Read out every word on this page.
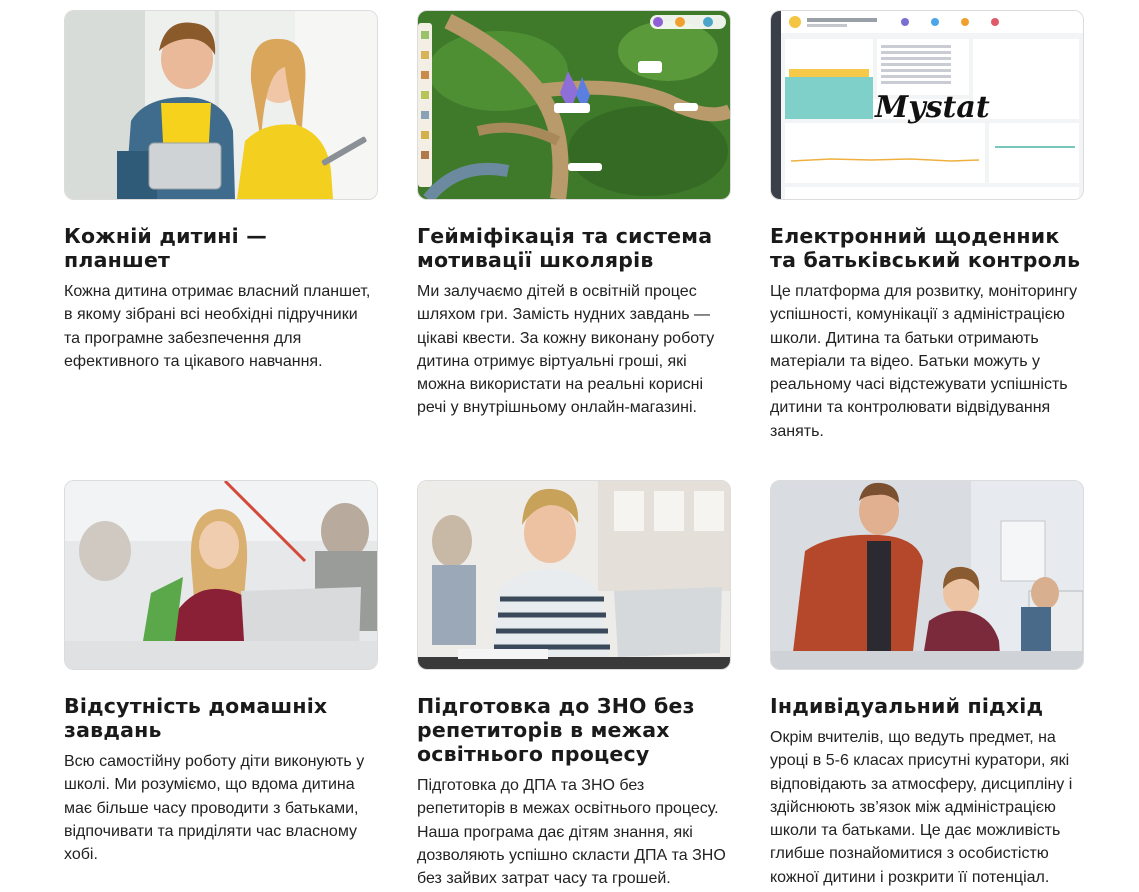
Кожній дитині — планшет

Кожна дитина отримає власний планшет, в якому зібрані всі необхідні підручники та програмне забезпечення для ефективного та цікавого навчання.

Гейміфікація та система мотивації школярів

Ми залучаємо дітей в освітній процес шляхом гри. Замість нудних завдань — цікаві квести. За кожну виконану роботу дитина отримує віртуальні гроші, які можна використати на реальні корисні речі у внутрішньому онлайн-магазині.

Mystat
Електронний щоденник та батьківський контроль

Це платформа для розвитку, моніторингу успішності, комунікації з адміністрацією школи. Дитина та батьки отримають матеріали та відео. Батьки можуть у реальному часі відстежувати успішність дитини та контролювати відвідування занять.

Відсутність домашніх завдань

Всю самостійну роботу діти виконують у школі. Ми розуміємо, що вдома дитина має більше часу проводити з батьками, відпочивати та приділяти час власному хобі.

Підготовка до ЗНО без репетиторів в межах освітнього процесу

Підготовка до ДПА та ЗНО без репетиторів в межах освітнього процесу. Наша програма дає дітям знання, які дозволяють успішно скласти ДПА та ЗНО без зайвих затрат часу та грошей.

Індивідуальний підхід

Окрім вчителів, що ведуть предмет, на уроці в 5-6 класах присутні куратори, які відповідають за атмосферу, дисципліну і здійснюють зв’язок між адміністрацією школи та батьками. Це дає можливість глибше познайомитися з особистістю кожної дитини і розкрити її потенціал.
